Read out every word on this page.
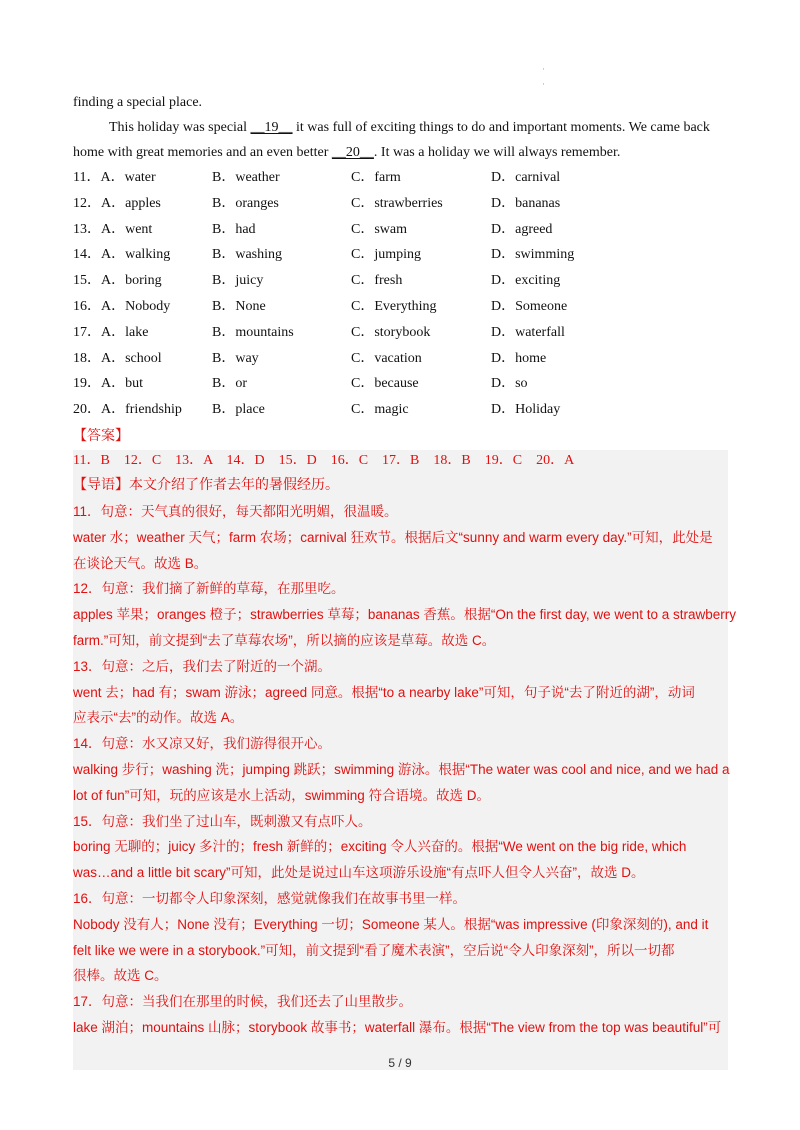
·
·
finding a special place.
This holiday was special __19__ it was full of exciting things to do and important moments. We came back
home with great memories and an even better __20__. It was a holiday we will always remember.
11．A．water	B．weather	C．farm	D．carnival
12．A．apples	B．oranges	C．strawberries	D．bananas
13．A．went	B．had	C．swam	D．agreed
14．A．walking	B．washing	C．jumping	D．swimming
15．A．boring	B．juicy	C．fresh	D．exciting
16．A．Nobody	B．None	C．Everything	D．Someone
17．A．lake	B．mountains	C．storybook	D．waterfall
18．A．school	B．way	C．vacation	D．home
19．A．but	B．or	C．because	D．so
20．A．friendship B．place	C．magic	D．Holiday
【答案】
11．B　12．C　13．A　14．D　15．D　16．C　17．B　18．B　19．C　20．A
【导语】本文介绍了作者去年的暑假经历。
11．句意：天气真的很好，每天都阳光明媚，很温暖。
water 水；weather 天气；farm 农场；carnival 狂欢节。根据后文“sunny and warm every day.”可知，此处是
在谈论天气。故选 B。
12．句意：我们摘了新鲜的草莓，在那里吃。
apples 苹果；oranges 橙子；strawberries 草莓；bananas 香蕉。根据“On the first day, we went to a strawberry
farm.”可知，前文提到“去了草莓农场”，所以摘的应该是草莓。故选 C。
13．句意：之后，我们去了附近的一个湖。
went 去；had 有；swam 游泳；agreed 同意。根据“to a nearby lake”可知，句子说“去了附近的湖”，动词
应表示“去”的动作。故选 A。
14．句意：水又凉又好，我们游得很开心。
walking 步行；washing 洗；jumping 跳跃；swimming 游泳。根据“The water was cool and nice, and we had a
lot of fun”可知，玩的应该是水上活动，swimming 符合语境。故选 D。
15．句意：我们坐了过山车，既刺激又有点吓人。
boring 无聊的；juicy 多汁的；fresh 新鲜的；exciting 令人兴奋的。根据“We went on the big ride, which
was…and a little bit scary”可知，此处是说过山车这项游乐设施“有点吓人但令人兴奋”，故选 D。
16．句意：一切都令人印象深刻，感觉就像我们在故事书里一样。
Nobody 没有人；None 没有；Everything 一切；Someone 某人。根据“was impressive (印象深刻的), and it
felt like we were in a storybook.”可知，前文提到“看了魔术表演”，空后说“令人印象深刻”，所以一切都
很棒。故选 C。
17．句意：当我们在那里的时候，我们还去了山里散步。
lake 湖泊；mountains 山脉；storybook 故事书；waterfall 瀑布。根据“The view from the top was beautiful”可
5 / 9
